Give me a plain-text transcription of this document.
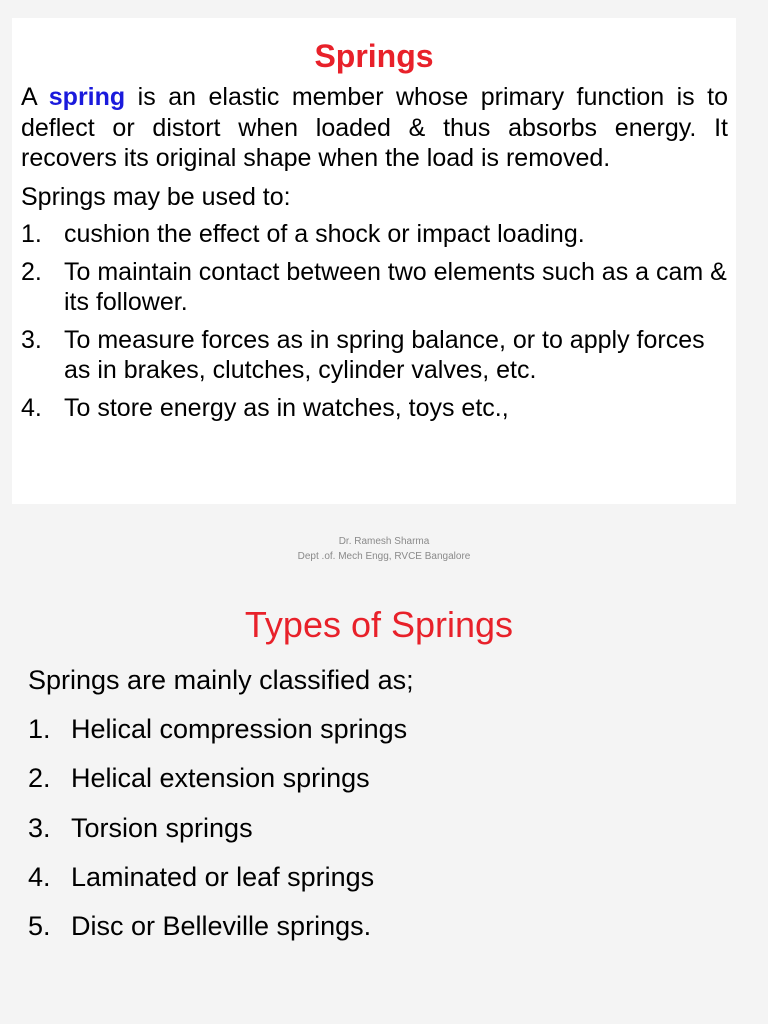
Springs
A spring is an elastic member whose primary function is to deflect or distort when loaded & thus absorbs energy. It recovers its original shape when the load is removed.
Springs may be used to:
1. cushion the effect of a shock or impact loading.
2. To maintain contact between two elements such as a cam & its follower.
3. To measure forces as in spring balance, or to apply forces as in brakes, clutches, cylinder valves, etc.
4. To store energy as in watches, toys etc.,
Dr. Ramesh Sharma
Dept .of. Mech Engg, RVCE Bangalore
Types of Springs
Springs are mainly classified as;
1. Helical compression springs
2. Helical extension springs
3. Torsion springs
4. Laminated or leaf springs
5. Disc or Belleville springs.
